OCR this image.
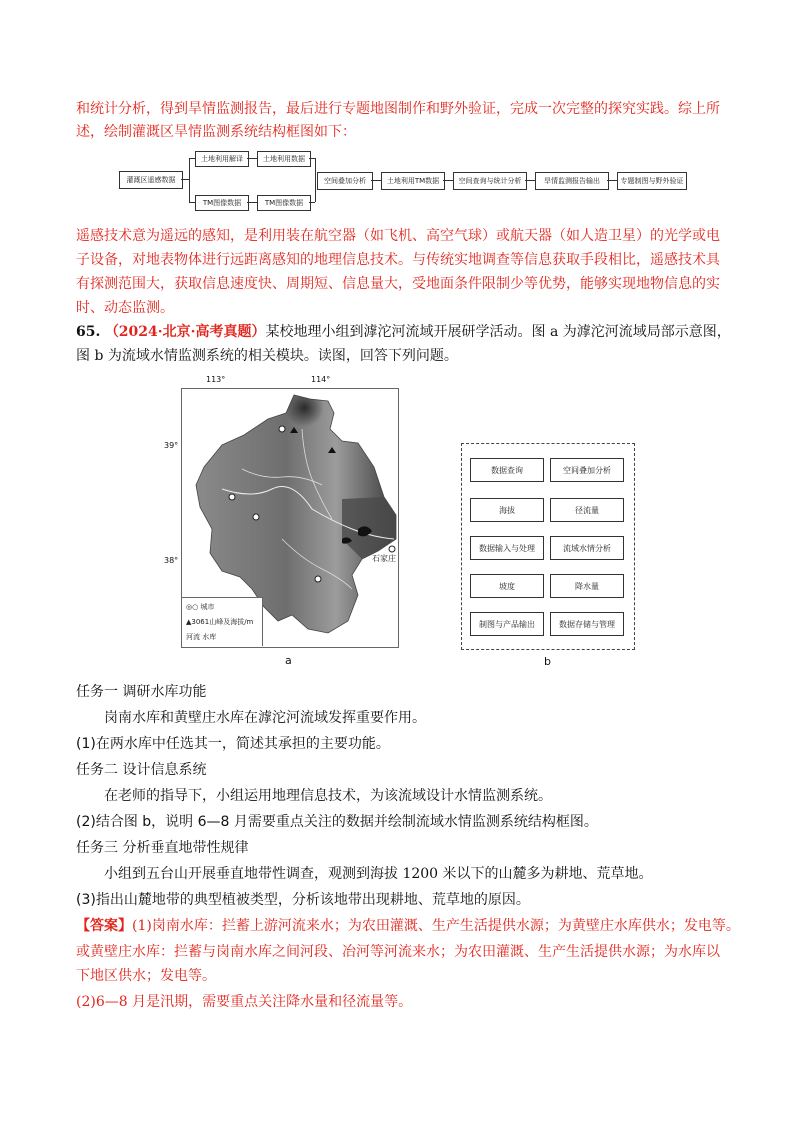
和统计分析，得到旱情监测报告，最后进行专题地图制作和野外验证，完成一次完整的探究实践。综上所
述，绘制灌溉区旱情监测系统结构框图如下：
灌溉区遥感数据
土地利用解译	土地利用数据
TM图像数据	TM图像数据
空间叠加分析	土地利用TM数据	空间查询与统计分析	旱情监测报告输出	专题制图与野外验证
遥感技术意为遥远的感知，是利用装在航空器（如飞机、高空气球）或航天器（如人造卫星）的光学或电
子设备，对地表物体进行远距离感知的地理信息技术。与传统实地调查等信息获取手段相比，遥感技术具
有探测范围大，获取信息速度快、周期短、信息量大，受地面条件限制少等优势，能够实现地物信息的实
时、动态监测。
65. （2024·北京·高考真题）某校地理小组到滹沱河流域开展研学活动。图 a 为滹沱河流域局部示意图，
图 b 为流域水情监测系统的相关模块。读图，回答下列问题。
113°	114°
39°
38°	石家庄
◎○ 城市
▲3061山峰及海拔/m
河流 水库
a
数据查询	空间叠加分析
海拔	径流量
数据输入与处理	流域水情分析
坡度	降水量
制图与产品输出	数据存储与管理
b
任务一 调研水库功能
岗南水库和黄壁庄水库在滹沱河流域发挥重要作用。
(1)在两水库中任选其一，简述其承担的主要功能。
任务二 设计信息系统
在老师的指导下，小组运用地理信息技术，为该流域设计水情监测系统。
(2)结合图 b，说明 6—8 月需要重点关注的数据并绘制流域水情监测系统结构框图。
任务三 分析垂直地带性规律
小组到五台山开展垂直地带性调查，观测到海拔 1200 米以下的山麓多为耕地、荒草地。
(3)指出山麓地带的典型植被类型，分析该地带出现耕地、荒草地的原因。
【答案】(1)岗南水库：拦蓄上游河流来水；为农田灌溉、生产生活提供水源；为黄壁庄水库供水；发电等。
或黄壁庄水库：拦蓄与岗南水库之间河段、冶河等河流来水；为农田灌溉、生产生活提供水源；为水库以
下地区供水；发电等。
(2)6—8 月是汛期，需要重点关注降水量和径流量等。
